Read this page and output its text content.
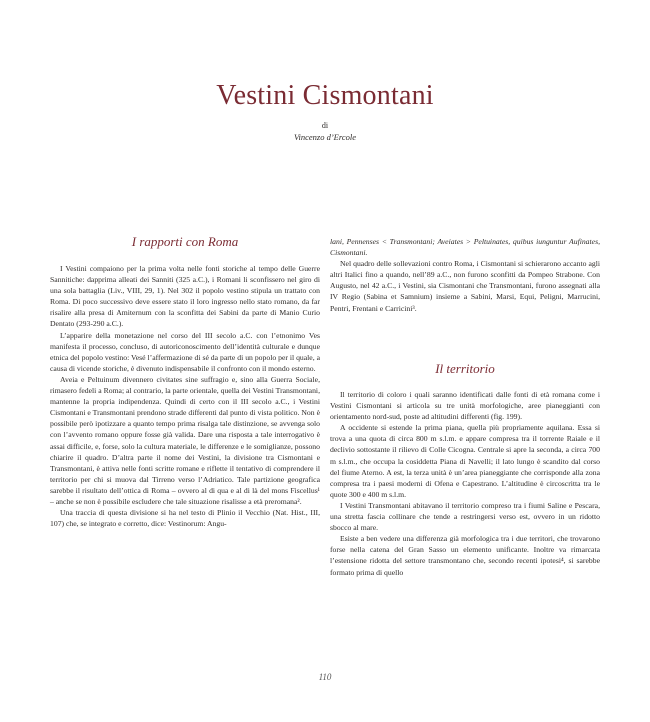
Vestini Cismontani
di
Vincenzo d’Ercole
I rapporti con Roma

I Vestini compaiono per la prima volta nelle fonti storiche al tempo delle Guerre Sannitiche: dapprima alleati dei Sanniti (325 a.C.), i Romani li sconfissero nel giro di una sola battaglia (Liv., VIII, 29, 1). Nel 302 il popolo vestino stipula un trattato con Roma. Di poco successivo deve essere stato il loro ingresso nello stato romano, da far risalire alla presa di Amiternum con la sconfitta dei Sabini da parte di Manio Curio Dentato (293-290 a.C.).

L’apparire della monetazione nel corso del III secolo a.C. con l’etnonimo Ves manifesta il processo, concluso, di autoriconoscimento dell’identità culturale e dunque etnica del popolo vestino: Vesé l’affermazione di sé da parte di un popolo per il quale, a causa di vicende storiche, è divenuto indispensabile il confronto con il mondo esterno.

Aveia e Peltuinum divennero civitates sine suffragio e, sino alla Guerra Sociale, rimasero fedeli a Roma; al contrario, la parte orientale, quella dei Vestini Transmontani, mantenne la propria indipendenza. Quindi di certo con il III secolo a.C., i Vestini Cismontani e Transmontani prendono strade differenti dal punto di vista politico. Non è possibile però ipotizzare a quanto tempo prima risalga tale distinzione, se avvenga solo con l’avvento romano oppure fosse già valida. Dare una risposta a tale interrogativo è assai difficile, e, forse, solo la cultura materiale, le differenze e le somiglianze, possono chiarire il quadro. D’altra parte il nome dei Vestini, la divisione tra Cismontani e Transmontani, è attiva nelle fonti scritte romane e riflette il tentativo di comprendere il territorio per chi si muova dal Tirreno verso l’Adriatico. Tale partizione geografica sarebbe il risultato dell’ottica di Roma – ovvero al di qua e al di là del mons Fiscellus¹ – anche se non è possibile escludere che tale situazione risalisse a età preromana².

Una traccia di questa divisione si ha nel testo di Plinio il Vecchio (Nat. Hist., III, 107) che, se integrato e corretto, dice: Vestinorum: Angu-

lani, Pennenses < Transmontani; Aveiates > Peltuinates, quibus iunguntur Aufinates, Cismontani.

Nel quadro delle sollevazioni contro Roma, i Cismontani si schierarono accanto agli altri Italici fino a quando, nell’89 a.C., non furono sconfitti da Pompeo Strabone. Con Augusto, nel 42 a.C., i Vestini, sia Cismontani che Transmontani, furono assegnati alla IV Regio (Sabina et Samnium) insieme a Sabini, Marsi, Equi, Peligni, Marrucini, Pentri, Frentani e Carricini³.

Il territorio

Il territorio di coloro i quali saranno identificati dalle fonti di età romana come i Vestini Cismontani si articola su tre unità morfologiche, aree pianeggianti con orientamento nord-sud, poste ad altitudini differenti (fig. 199).

A occidente si estende la prima piana, quella più propriamente aquilana. Essa si trova a una quota di circa 800 m s.l.m. e appare compresa tra il torrente Raiale e il declivio sottostante il rilievo di Colle Cicogna. Centrale si apre la seconda, a circa 700 m s.l.m., che occupa la cosiddetta Piana di Navelli; il lato lungo è scandito dal corso del fiume Aterno. A est, la terza unità è un’area pianeggiante che corrisponde alla zona compresa tra i paesi moderni di Ofena e Capestrano. L’altitudine è circoscritta tra le quote 300 e 400 m s.l.m.

I Vestini Transmontani abitavano il territorio compreso tra i fiumi Saline e Pescara, una stretta fascia collinare che tende a restringersi verso est, ovvero in un ridotto sbocco al mare.

Esiste a ben vedere una differenza già morfologica tra i due territori, che trovarono forse nella catena del Gran Sasso un elemento unificante. Inoltre va rimarcata l’estensione ridotta del settore transmontano che, secondo recenti ipotesi⁴, si sarebbe formato prima di quello

110
